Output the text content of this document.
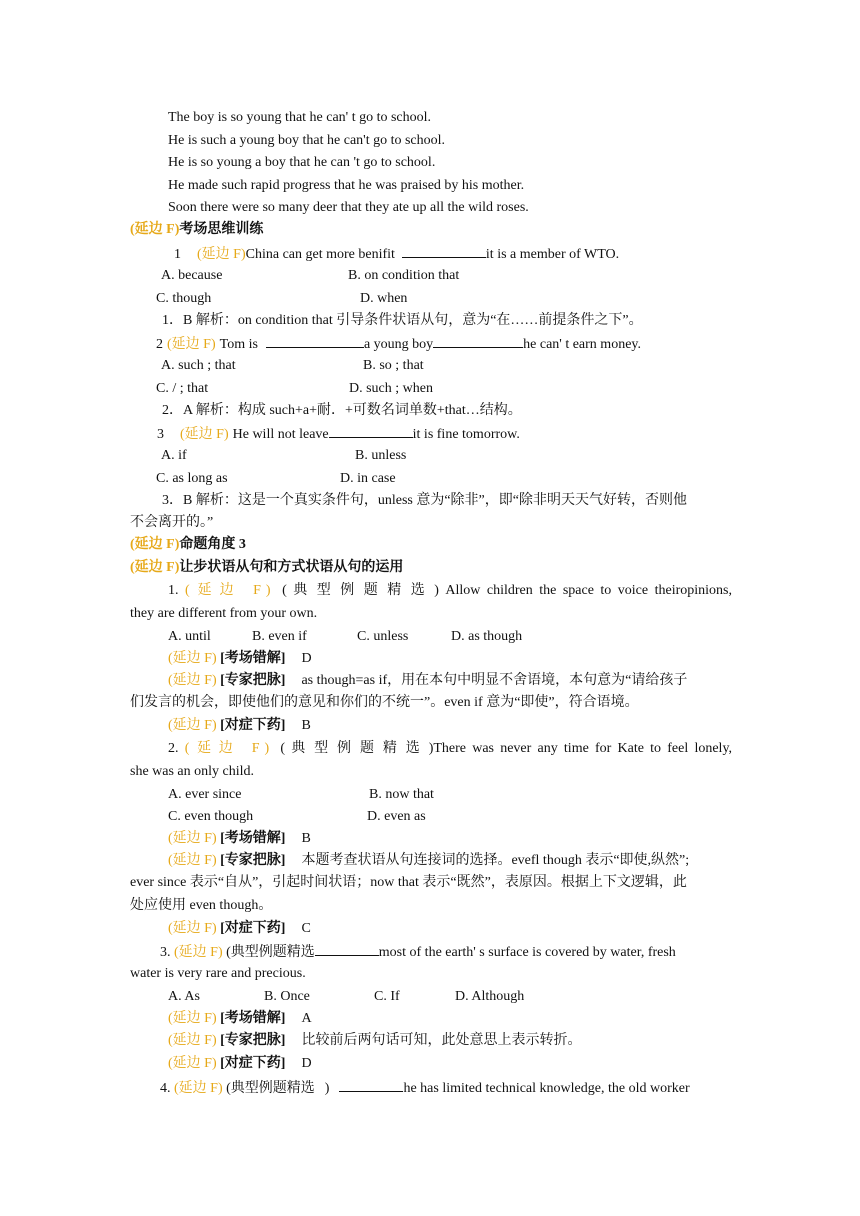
The boy is so young that he can' t go to school.
He is such a young boy that he can't go to school.
He is so young a boy that he can 't go to school.
He made such rapid progress that he was praised by his mother.
Soon there were so many deer that they ate up all the wild roses.
(延边 F)考场思维训练
1 (延边 F)China can get more benifit	it is a member of WTO.
A. because	B. on condition that
C. though	D. when
1．B 解析：on condition that 引导条件状语从句，意为“在……前提条件之下”。
2 (延边 F) Tom is	a young boy	he can' t earn money.
A. such ; that	B. so ; that
C. / ; that	D. such ; when
2．A 解析：构成 such+a+耐．+可数名词单数+that…结构。
3 (延边 F) He will not leave	it is fine tomorrow.
A. if	B. unless
C. as long as	D. in case
3．B 解析：这是一个真实条件句，unless 意为“除非”，即“除非明天天气好转，否则他
不会离开的。”
(延边 F)命题角度 3
(延边 F)让步状语从句和方式状语从句的运用
1. (延边 F) ( 典 型 例 题 精 选 ) Allow children the space to voice theiropinions,
they are different from your own.
A. until	B. even if	C. unless	D. as though
(延边 F) [考场错解] D
(延边 F) [专家把脉] as though=as if，用在本句中明显不舍语境，本句意为“请给孩子
们发言的机会，即使他们的意见和你们的不统一”。even if 意为“即使”，符合语境。
(延边 F) [对症下药] B
2. (延边 F) ( 典 型 例 题 精 选 )There was never any time for Kate to feel lonely,
she was an only child.
A. ever since	B. now that
C. even though	D. even as
(延边 F) [考场错解] B
(延边 F) [专家把脉] 本题考查状语从句连接词的选择。evefl though 表示“即使,纵然”;
ever since 表示“自从”，引起时间状语；now that 表示“既然”，表原因。根据上下文逻辑，此
处应使用 even though。
(延边 F) [对症下药] C
3. (延边 F) (典型例题精选	most of the earth' s surface is covered by water, fresh
water is very rare and precious.
A. As	B. Once	C. If	D. Although
(延边 F) [考场错解] A
(延边 F) [专家把脉] 比较前后两句话可知，此处意思上表示转折。
(延边 F) [对症下药] D
4. (延边 F) (典型例题精选 )	he has limited technical knowledge, the old worker
